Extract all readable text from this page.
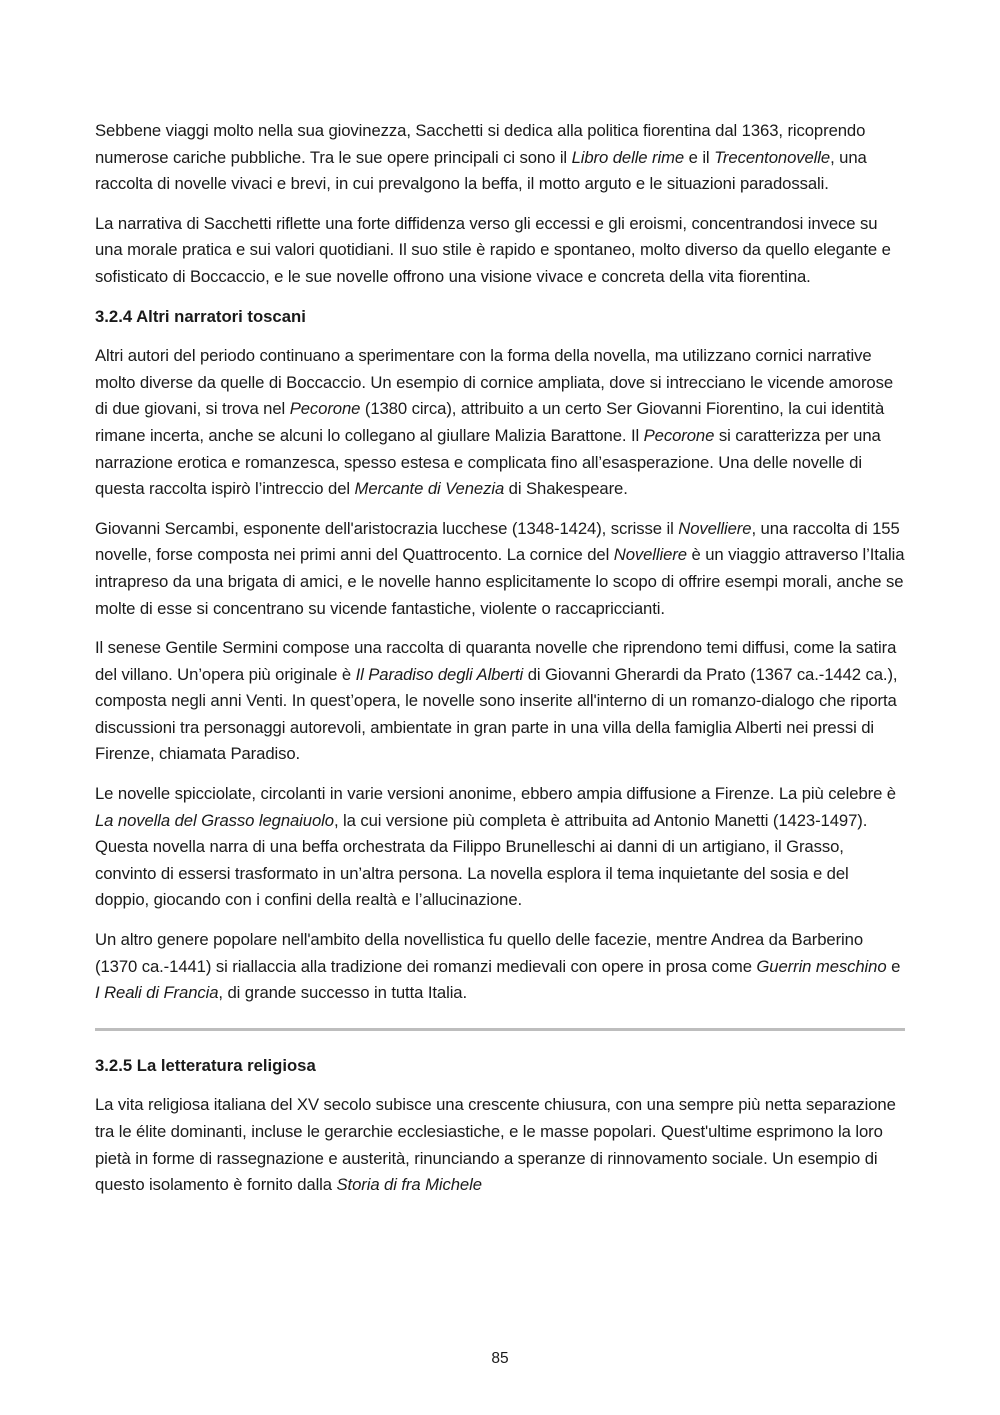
Sebbene viaggi molto nella sua giovinezza, Sacchetti si dedica alla politica fiorentina dal 1363, ricoprendo numerose cariche pubbliche. Tra le sue opere principali ci sono il Libro delle rime e il Trecentonovelle, una raccolta di novelle vivaci e brevi, in cui prevalgono la beffa, il motto arguto e le situazioni paradossali.

La narrativa di Sacchetti riflette una forte diffidenza verso gli eccessi e gli eroismi, concentrandosi invece su una morale pratica e sui valori quotidiani. Il suo stile è rapido e spontaneo, molto diverso da quello elegante e sofisticato di Boccaccio, e le sue novelle offrono una visione vivace e concreta della vita fiorentina.

3.2.4 Altri narratori toscani

Altri autori del periodo continuano a sperimentare con la forma della novella, ma utilizzano cornici narrative molto diverse da quelle di Boccaccio. Un esempio di cornice ampliata, dove si intrecciano le vicende amorose di due giovani, si trova nel Pecorone (1380 circa), attribuito a un certo Ser Giovanni Fiorentino, la cui identità rimane incerta, anche se alcuni lo collegano al giullare Malizia Barattone. Il Pecorone si caratterizza per una narrazione erotica e romanzesca, spesso estesa e complicata fino all’esasperazione. Una delle novelle di questa raccolta ispirò l’intreccio del Mercante di Venezia di Shakespeare.

Giovanni Sercambi, esponente dell'aristocrazia lucchese (1348-1424), scrisse il Novelliere, una raccolta di 155 novelle, forse composta nei primi anni del Quattrocento. La cornice del Novelliere è un viaggio attraverso l’Italia intrapreso da una brigata di amici, e le novelle hanno esplicitamente lo scopo di offrire esempi morali, anche se molte di esse si concentrano su vicende fantastiche, violente o raccapriccianti.

Il senese Gentile Sermini compose una raccolta di quaranta novelle che riprendono temi diffusi, come la satira del villano. Un’opera più originale è Il Paradiso degli Alberti di Giovanni Gherardi da Prato (1367 ca.-1442 ca.), composta negli anni Venti. In quest’opera, le novelle sono inserite all'interno di un romanzo-dialogo che riporta discussioni tra personaggi autorevoli, ambientate in gran parte in una villa della famiglia Alberti nei pressi di Firenze, chiamata Paradiso.

Le novelle spicciolate, circolanti in varie versioni anonime, ebbero ampia diffusione a Firenze. La più celebre è La novella del Grasso legnaiuolo, la cui versione più completa è attribuita ad Antonio Manetti (1423-1497). Questa novella narra di una beffa orchestrata da Filippo Brunelleschi ai danni di un artigiano, il Grasso, convinto di essersi trasformato in un’altra persona. La novella esplora il tema inquietante del sosia e del doppio, giocando con i confini della realtà e l’allucinazione.

Un altro genere popolare nell'ambito della novellistica fu quello delle facezie, mentre Andrea da Barberino (1370 ca.-1441) si riallaccia alla tradizione dei romanzi medievali con opere in prosa come Guerrin meschino e I Reali di Francia, di grande successo in tutta Italia.

3.2.5 La letteratura religiosa

La vita religiosa italiana del XV secolo subisce una crescente chiusura, con una sempre più netta separazione tra le élite dominanti, incluse le gerarchie ecclesiastiche, e le masse popolari. Quest'ultime esprimono la loro pietà in forme di rassegnazione e austerità, rinunciando a speranze di rinnovamento sociale. Un esempio di questo isolamento è fornito dalla Storia di fra Michele

85
